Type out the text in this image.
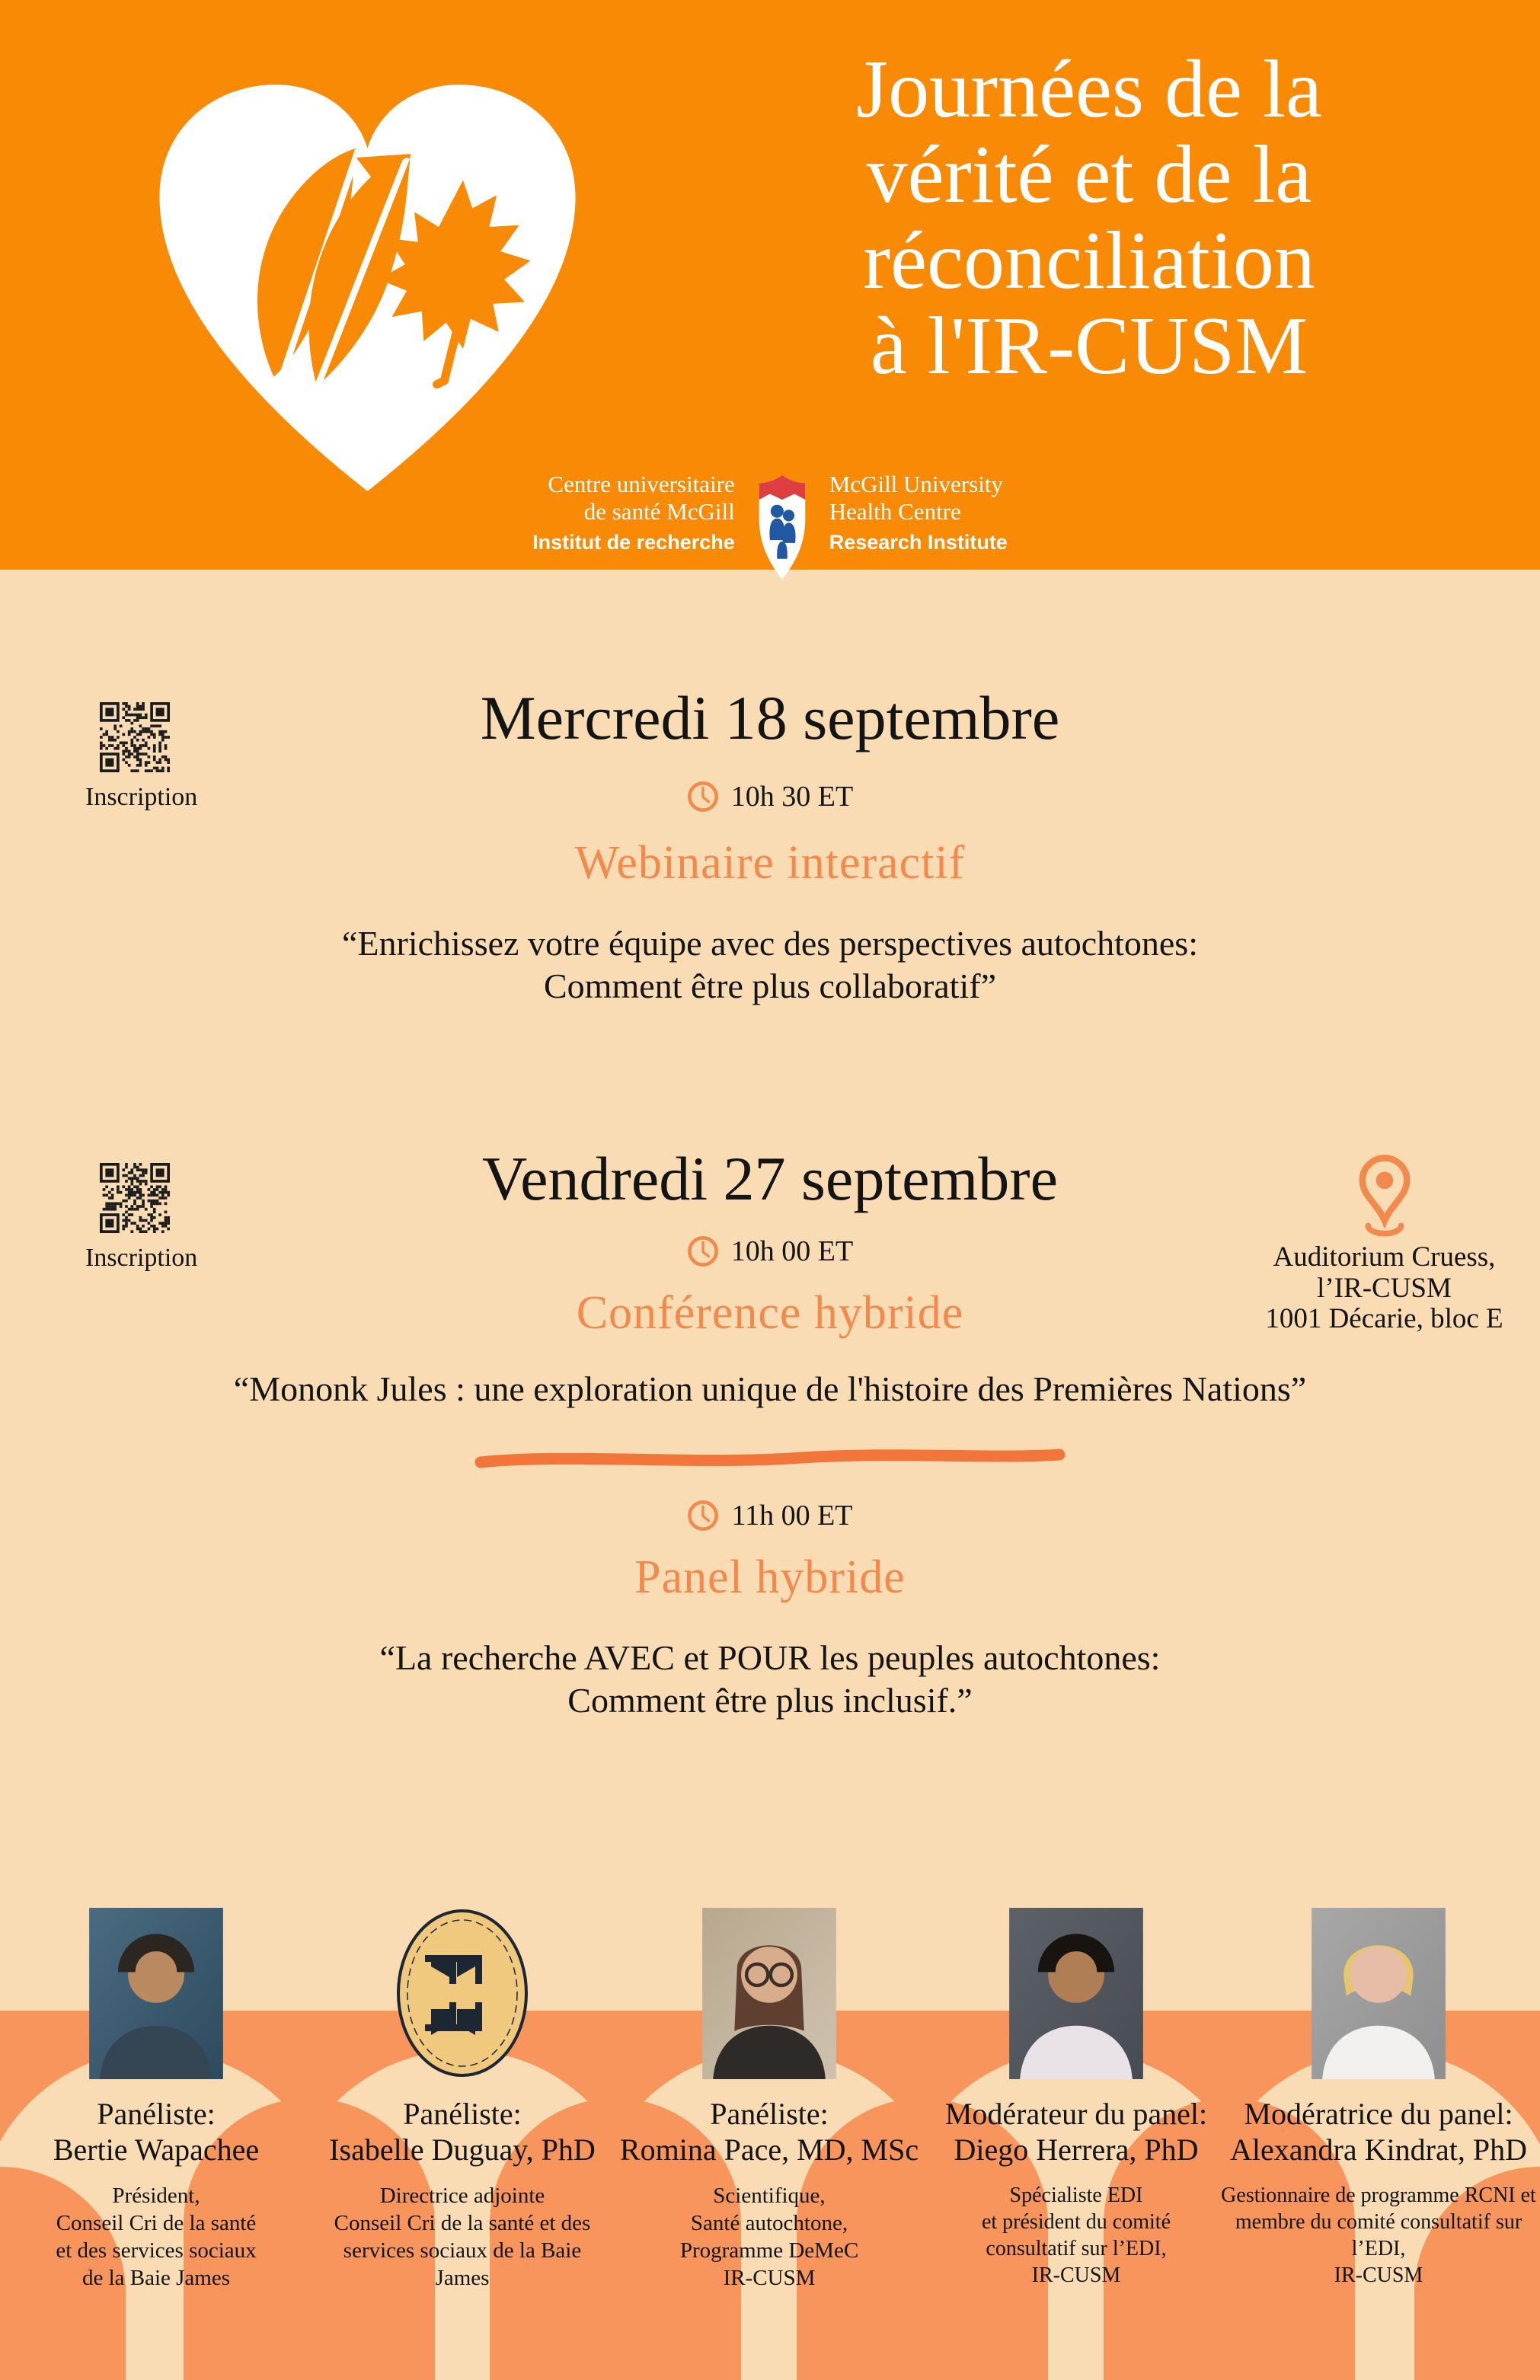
Journées de la
vérité et de la
réconciliation
à l'IR-CUSM
Centre universitaire
de santé McGill
Institut de recherche
McGill University
Health Centre
Research Institute
Inscription
Mercredi 18 septembre
10h 30 ET
Webinaire interactif
“Enrichissez votre équipe avec des perspectives autochtones:
Comment être plus collaboratif”
Inscription	Auditorium Cruess,
l’IR-CUSM
1001 Décarie, bloc E
Vendredi 27 septembre
10h 00 ET
Conférence hybride
“Mononk Jules : une exploration unique de l'histoire des Premières Nations”
11h 00 ET
Panel hybride
“La recherche AVEC et POUR les peuples autochtones:
Comment être plus inclusif.”
Panéliste:
Bertie Wapachee
Président,
Conseil Cri de la santé
et des services sociaux
de la Baie James
Panéliste:
Isabelle Duguay, PhD
Directrice adjointe
Conseil Cri de la santé et des
services sociaux de la Baie
James
Panéliste:
Romina Pace, MD, MSc
Scientifique,
Santé autochtone,
Programme DeMeC
IR-CUSM
Modérateur du panel:
Diego Herrera, PhD
Spécialiste EDI
et président du comité
consultatif sur l’EDI,
IR-CUSM
Modératrice du panel:
Alexandra Kindrat, PhD
Gestionnaire de programme RCNI et
membre du comité consultatif sur
l’EDI,
IR-CUSM
